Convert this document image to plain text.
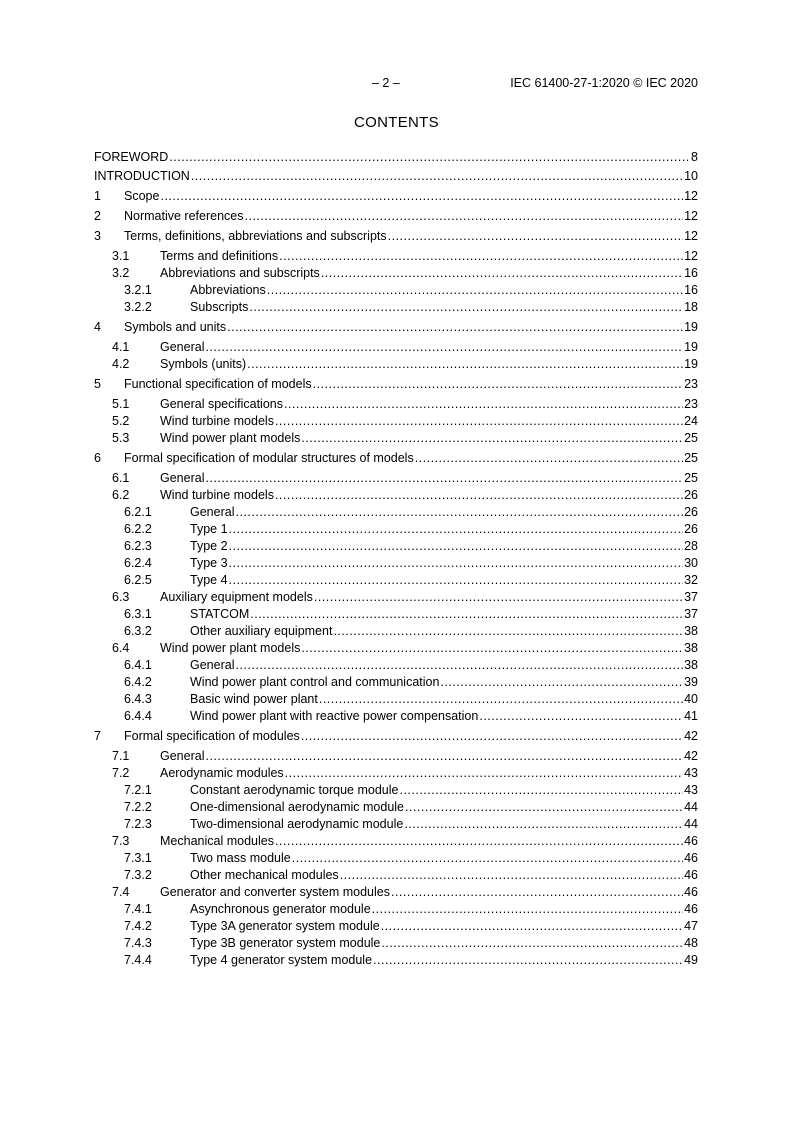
– 2 –	IEC 61400-27-1:2020 © IEC 2020
CONTENTS
FOREWORD .....	8
INTRODUCTION .....	10
1	Scope .....	12
2	Normative references .....	12
3	Terms, definitions, abbreviations and subscripts .....	12
3.1	Terms and definitions .....	12
3.2	Abbreviations and subscripts .....	16
3.2.1	Abbreviations .....	16
3.2.2	Subscripts .....	18
4	Symbols and units .....	19
4.1	General .....	19
4.2	Symbols (units) .....	19
5	Functional specification of models .....	23
5.1	General specifications .....	23
5.2	Wind turbine models .....	24
5.3	Wind power plant models .....	25
6	Formal specification of modular structures of models .....	25
6.1	General .....	25
6.2	Wind turbine models .....	26
6.2.1	General .....	26
6.2.2	Type 1 .....	26
6.2.3	Type 2 .....	28
6.2.4	Type 3 .....	30
6.2.5	Type 4 .....	32
6.3	Auxiliary equipment models .....	37
6.3.1	STATCOM .....	37
6.3.2	Other auxiliary equipment .....	38
6.4	Wind power plant models .....	38
6.4.1	General .....	38
6.4.2	Wind power plant control and communication .....	39
6.4.3	Basic wind power plant .....	40
6.4.4	Wind power plant with reactive power compensation .....	41
7	Formal specification of modules .....	42
7.1	General .....	42
7.2	Aerodynamic modules .....	43
7.2.1	Constant aerodynamic torque module .....	43
7.2.2	One-dimensional aerodynamic module .....	44
7.2.3	Two-dimensional aerodynamic module .....	44
7.3	Mechanical modules .....	46
7.3.1	Two mass module .....	46
7.3.2	Other mechanical modules .....	46
7.4	Generator and converter system modules .....	46
7.4.1	Asynchronous generator module .....	46
7.4.2	Type 3A generator system module .....	47
7.4.3	Type 3B generator system module .....	48
7.4.4	Type 4 generator system module .....	49
